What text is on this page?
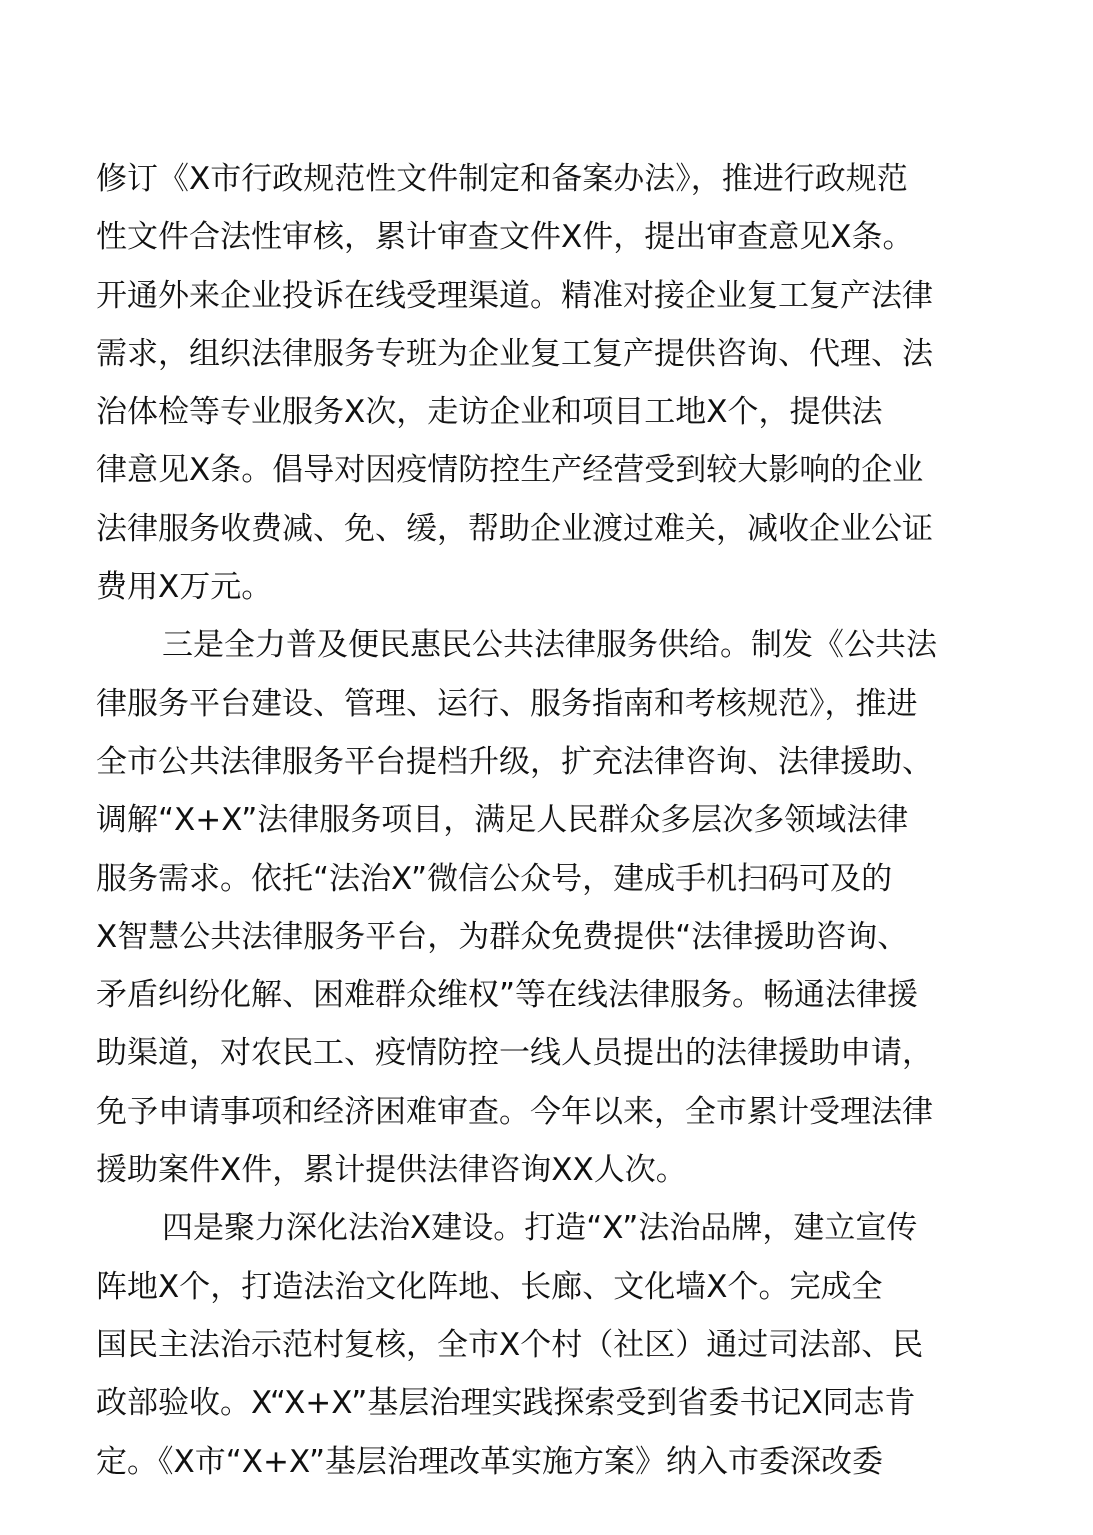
修订《X市行政规范性文件制定和备案办法》，推进行政规范
性文件合法性审核，累计审查文件X件，提出审查意见X条。
开通外来企业投诉在线受理渠道。精准对接企业复工复产法律
需求，组织法律服务专班为企业复工复产提供咨询、代理、法
治体检等专业服务X次，走访企业和项目工地X个，提供法
律意见X条。倡导对因疫情防控生产经营受到较大影响的企业
法律服务收费减、免、缓，帮助企业渡过难关，减收企业公证
费用X万元。
三是全力普及便民惠民公共法律服务供给。制发《公共法
律服务平台建设、管理、运行、服务指南和考核规范》，推进
全市公共法律服务平台提档升级，扩充法律咨询、法律援助、
调解“X+X”法律服务项目，满足人民群众多层次多领域法律
服务需求。依托“法治X”微信公众号，建成手机扫码可及的
X智慧公共法律服务平台，为群众免费提供“法律援助咨询、
矛盾纠纷化解、困难群众维权”等在线法律服务。畅通法律援
助渠道，对农民工、疫情防控一线人员提出的法律援助申请，
免予申请事项和经济困难审查。今年以来，全市累计受理法律
援助案件X件，累计提供法律咨询XX人次。
四是聚力深化法治X建设。打造“X”法治品牌，建立宣传
阵地X个，打造法治文化阵地、长廊、文化墙X个。完成全
国民主法治示范村复核，全市X个村（社区）通过司法部、民
政部验收。X“X+X”基层治理实践探索受到省委书记X同志肯
定。《X市“X+X”基层治理改革实施方案》纳入市委深改委
